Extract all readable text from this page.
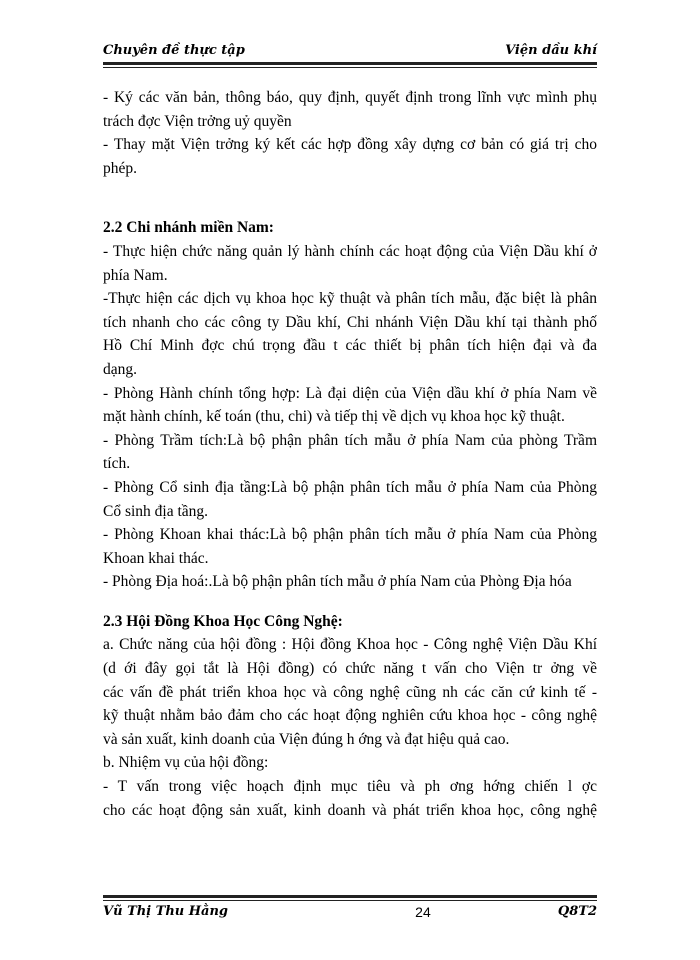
Chuyên đề thực tập	Viện dầu khí
- Ký các văn bản, thông báo, quy định, quyết định trong lĩnh vực mình phụ
trách đợc Viện trởng uỷ quyền
- Thay mặt Viện trởng ký kết các hợp đồng xây dựng cơ bản có giá trị cho
phép.
2.2 Chi nhánh miền Nam:
- Thực hiện chức năng quản lý hành chính các hoạt động của Viện Dầu khí ở
phía Nam.
-Thực hiện các dịch vụ khoa học kỹ thuật và phân tích mẫu, đặc biệt là phân
tích nhanh cho các công ty Dầu khí, Chi nhánh Viện Dầu khí tại thành phố
Hồ Chí Minh đợc chú trọng đầu t các thiết bị phân tích hiện đại và đa
dạng.
- Phòng Hành chính tổng hợp: Là đại diện của Viện dầu khí ở phía Nam về
mặt hành chính, kế toán (thu, chi) và tiếp thị về dịch vụ khoa học kỹ thuật.
- Phòng Trầm tích:Là bộ phận phân tích mẫu ở phía Nam của phòng Trầm
tích.
- Phòng Cổ sinh địa tầng:Là bộ phận phân tích mẫu ở phía Nam của Phòng
Cổ sinh địa tầng.
- Phòng Khoan khai thác:Là bộ phận phân tích mẫu ở phía Nam của Phòng
Khoan khai thác.
- Phòng Địa hoá:.Là bộ phận phân tích mẫu ở phía Nam của Phòng Địa hóa
2.3 Hội Đồng Khoa Học Công Nghệ:
a. Chức năng của hội đồng : Hội đồng Khoa học - Công nghệ Viện Dầu Khí
(d ới đây gọi tắt là Hội đồng) có chức năng t vấn cho Viện tr ởng về
các vấn đề phát triển khoa học và công nghệ cũng nh các căn cứ kinh tế -
kỹ thuật nhằm bảo đảm cho các hoạt động nghiên cứu khoa học - công nghệ
và sản xuất, kinh doanh của Viện đúng h ớng và đạt hiệu quả cao.
b. Nhiệm vụ của hội đồng:
- T vấn trong việc hoạch định mục tiêu và ph ơng hớng chiến l ợc
cho các hoạt động sản xuất, kinh doanh và phát triển khoa học, công nghệ
Vũ Thị Thu Hằng	24	Q8T2
